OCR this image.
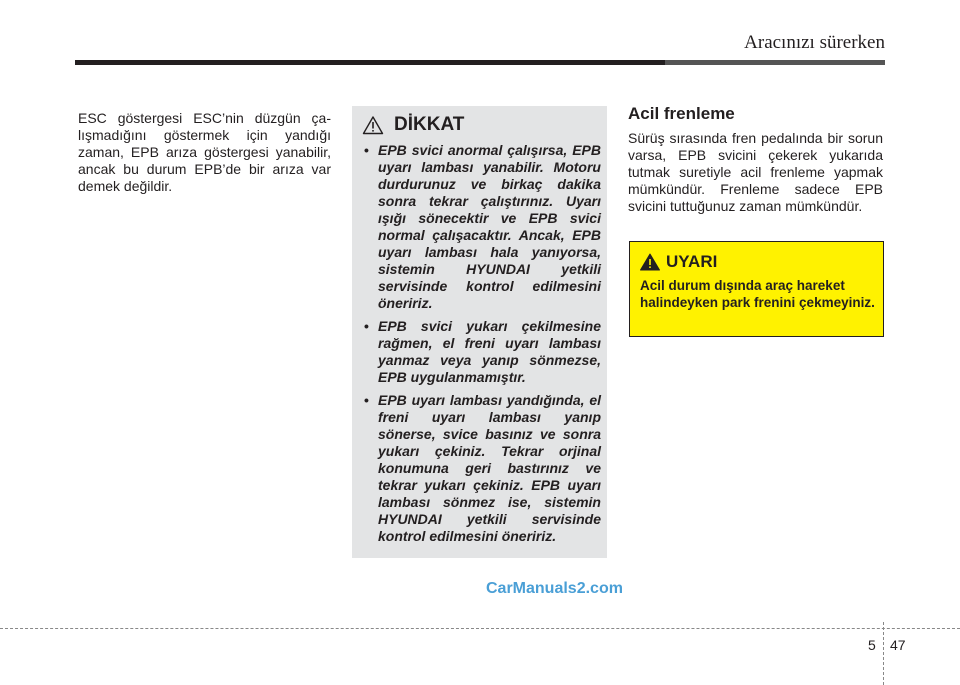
Aracınızı sürerken
ESC göstergesi ESC’nin düzgün çalışmadığını göstermek için yandığı zaman, EPB arıza göstergesi yanabilir, ancak bu durum EPB’de bir arıza var demek değildir.
DİKKAT
• EPB svici anormal çalışırsa, EPB uyarı lambası yanabilir. Motoru durdurunuz ve birkaç dakika sonra tekrar çalıştırınız. Uyarı ışığı sönecektir ve EPB svici normal çalışacaktır. Ancak, EPB uyarı lambası hala yanıyorsa, sistemin HYUNDAI yetkili servisinde kontrol edilmesini öneririz.
• EPB svici yukarı çekilmesine rağmen, el freni uyarı lambası yanmaz veya yanıp sönmezse, EPB uygulanmamıştır.
• EPB uyarı lambası yandığında, el freni uyarı lambası yanıp sönerse, svice basınız ve sonra yukarı çekiniz. Tekrar orjinal konumuna geri bastırınız ve tekrar yukarı çekiniz. EPB uyarı lambası sönmez ise, sistemin HYUNDAI yetkili servisinde kontrol edilmesini öneririz.
Acil frenleme
Sürüş sırasında fren pedalında bir sorun varsa, EPB svicini çekerek yukarıda tutmak suretiyle acil frenleme yapmak mümkündür. Frenleme sadece EPB svicini tuttuğunuz zaman mümkündür.
UYARI
Acil durum dışında araç hareket halindeyken park frenini çekmeyiniz.
CarManuals2.com
5 47
